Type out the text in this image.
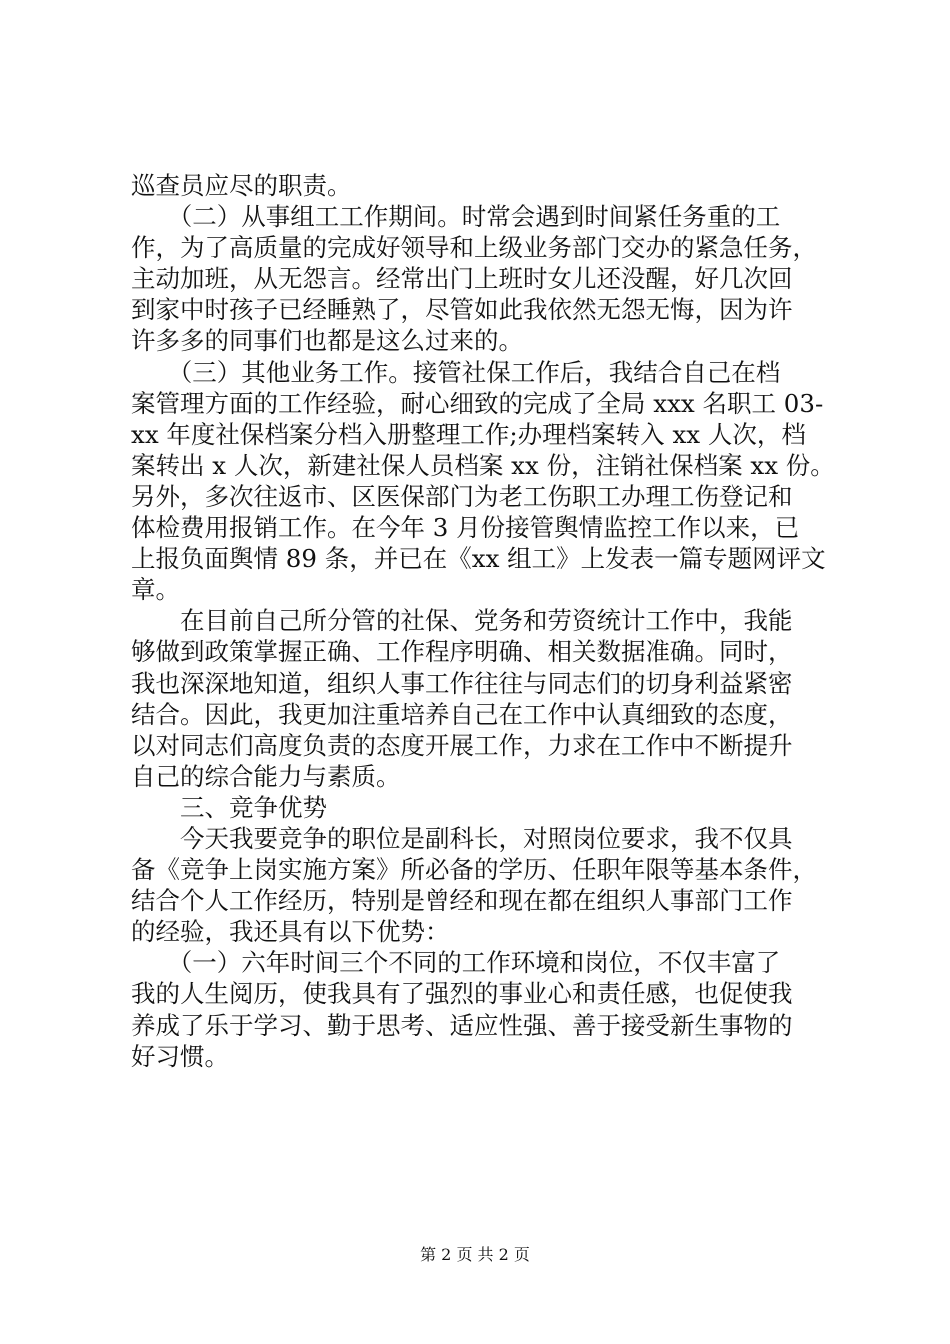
巡查员应尽的职责。
　　（二）从事组工工作期间。时常会遇到时间紧任务重的工
作，为了高质量的完成好领导和上级业务部门交办的紧急任务，
主动加班，从无怨言。经常出门上班时女儿还没醒，好几次回
到家中时孩子已经睡熟了，尽管如此我依然无怨无悔，因为许
许多多的同事们也都是这么过来的。
　　（三）其他业务工作。接管社保工作后，我结合自己在档
案管理方面的工作经验，耐心细致的完成了全局 xxx 名职工 03-
xx 年度社保档案分档入册整理工作;办理档案转入 xx 人次，档
案转出 x 人次，新建社保人员档案 xx 份，注销社保档案 xx 份。
另外，多次往返市、区医保部门为老工伤职工办理工伤登记和
体检费用报销工作。在今年 3 月份接管舆情监控工作以来，已
上报负面舆情 89 条，并已在《xx 组工》上发表一篇专题网评文
章。
　　在目前自己所分管的社保、党务和劳资统计工作中，我能
够做到政策掌握正确、工作程序明确、相关数据准确。同时，
我也深深地知道，组织人事工作往往与同志们的切身利益紧密
结合。因此，我更加注重培养自己在工作中认真细致的态度，
以对同志们高度负责的态度开展工作，力求在工作中不断提升
自己的综合能力与素质。
　　三、竞争优势
　　今天我要竞争的职位是副科长，对照岗位要求，我不仅具
备《竞争上岗实施方案》所必备的学历、任职年限等基本条件，
结合个人工作经历，特别是曾经和现在都在组织人事部门工作
的经验，我还具有以下优势：
　　（一）六年时间三个不同的工作环境和岗位，不仅丰富了
我的人生阅历，使我具有了强烈的事业心和责任感，也促使我
养成了乐于学习、勤于思考、适应性强、善于接受新生事物的
好习惯。
第 2 页 共 2 页
